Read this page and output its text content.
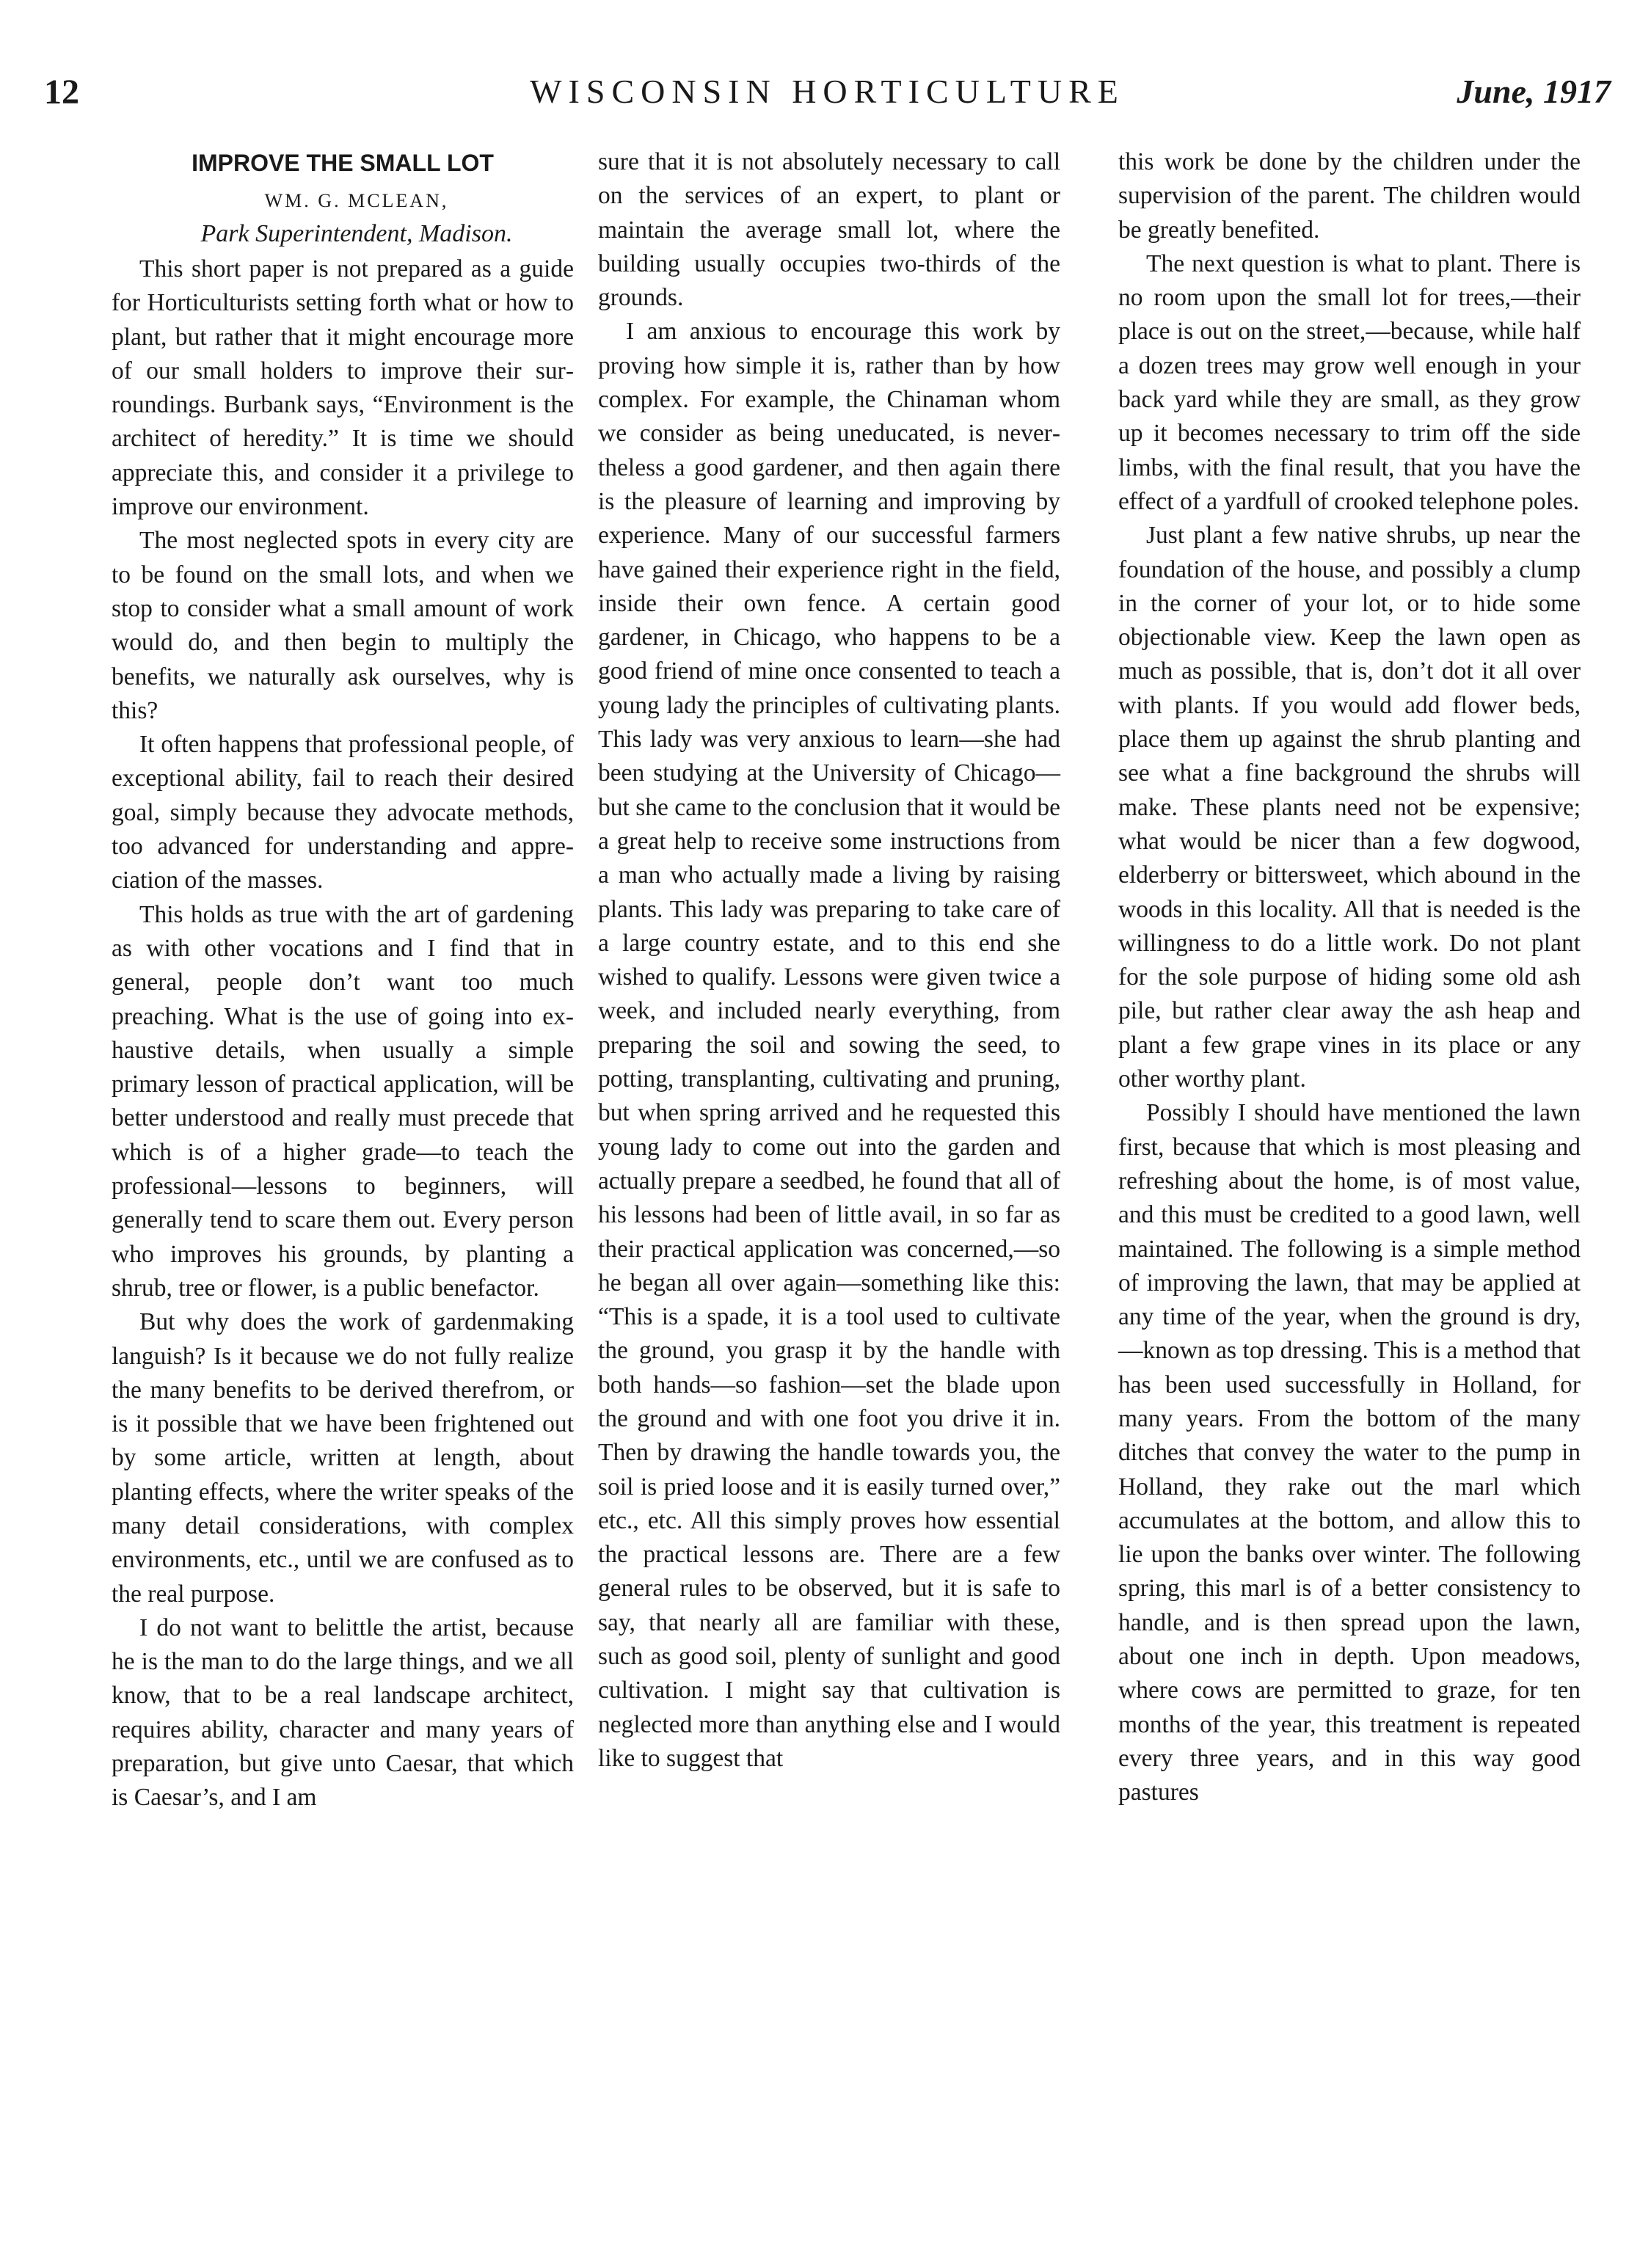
12	WISCONSIN HORTICULTURE	June, 1917
IMPROVE THE SMALL LOT

WM. G. MCLEAN,

Park Superintendent, Madison.

This short paper is not prepared as a guide for Horticulturists setting forth what or how to plant, but rather that it might encourage more of our small holders to improve their surroundings. Burbank says, “Environment is the architect of heredity.” It is time we should appreciate this, and consider it a privilege to improve our environment.

The most neglected spots in every city are to be found on the small lots, and when we stop to consider what a small amount of work would do, and then begin to multiply the benefits, we naturally ask ourselves, why is this?

It often happens that professional people, of exceptional ability, fail to reach their desired goal, simply because they advocate methods, too advanced for understanding and appreciation of the masses.

This holds as true with the art of gardening as with other vocations and I find that in general, people don’t want too much preaching. What is the use of going into exhaustive details, when usually a simple primary lesson of practical application, will be better understood and really must precede that which is of a higher grade—to teach the professional—lessons to beginners, will generally tend to scare them out. Every person who improves his grounds, by planting a shrub, tree or flower, is a public benefactor.

But why does the work of gardenmaking languish? Is it because we do not fully realize the many benefits to be derived therefrom, or is it possible that we have been frightened out by some article, written at length, about planting effects, where the writer speaks of the many detail considerations, with complex environments, etc., until we are confused as to the real purpose.

I do not want to belittle the artist, because he is the man to do the large things, and we all know, that to be a real landscape architect, requires ability, character and many years of preparation, but give unto Caesar, that which is Caesar’s, and I am

sure that it is not absolutely necessary to call on the services of an expert, to plant or maintain the average small lot, where the building usually occupies two-thirds of the grounds.

I am anxious to encourage this work by proving how simple it is, rather than by how complex. For example, the Chinaman whom we consider as being uneducated, is nevertheless a good gardener, and then again there is the pleasure of learning and improving by experience. Many of our successful farmers have gained their experience right in the field, inside their own fence. A certain good gardener, in Chicago, who happens to be a good friend of mine once consented to teach a young lady the principles of cultivating plants. This lady was very anxious to learn—she had been studying at the University of Chicago—but she came to the conclusion that it would be a great help to receive some instructions from a man who actually made a living by raising plants. This lady was preparing to take care of a large country estate, and to this end she wished to qualify. Lessons were given twice a week, and included nearly everything, from preparing the soil and sowing the seed, to potting, transplanting, cultivating and pruning, but when spring arrived and he requested this young lady to come out into the garden and actually prepare a seedbed, he found that all of his lessons had been of little avail, in so far as their practical application was concerned,—so he began all over again—something like this: “This is a spade, it is a tool used to cultivate the ground, you grasp it by the handle with both hands—so fashion—set the blade upon the ground and with one foot you drive it in. Then by drawing the handle towards you, the soil is pried loose and it is easily turned over,” etc., etc. All this simply proves how essential the practical lessons are. There are a few general rules to be observed, but it is safe to say, that nearly all are familiar with these, such as good soil, plenty of sunlight and good cultivation. I might say that cultivation is neglected more than anything else and I would like to suggest that

this work be done by the children under the supervision of the parent. The children would be greatly benefited.

The next question is what to plant. There is no room upon the small lot for trees,—their place is out on the street,—because, while half a dozen trees may grow well enough in your back yard while they are small, as they grow up it becomes necessary to trim off the side limbs, with the final result, that you have the effect of a yardfull of crooked telephone poles.

Just plant a few native shrubs, up near the foundation of the house, and possibly a clump in the corner of your lot, or to hide some objectionable view. Keep the lawn open as much as possible, that is, don’t dot it all over with plants. If you would add flower beds, place them up against the shrub planting and see what a fine background the shrubs will make. These plants need not be expensive; what would be nicer than a few dogwood, elderberry or bittersweet, which abound in the woods in this locality. All that is needed is the willingness to do a little work. Do not plant for the sole purpose of hiding some old ash pile, but rather clear away the ash heap and plant a few grape vines in its place or any other worthy plant.

Possibly I should have mentioned the lawn first, because that which is most pleasing and refreshing about the home, is of most value, and this must be credited to a good lawn, well maintained. The following is a simple method of improving the lawn, that may be applied at any time of the year, when the ground is dry,—known as top dressing. This is a method that has been used successfully in Holland, for many years. From the bottom of the many ditches that convey the water to the pump in Holland, they rake out the marl which accumulates at the bottom, and allow this to lie upon the banks over winter. The following spring, this marl is of a better consistency to handle, and is then spread upon the lawn, about one inch in depth. Upon meadows, where cows are permitted to graze, for ten months of the year, this treatment is repeated every three years, and in this way good pastures
